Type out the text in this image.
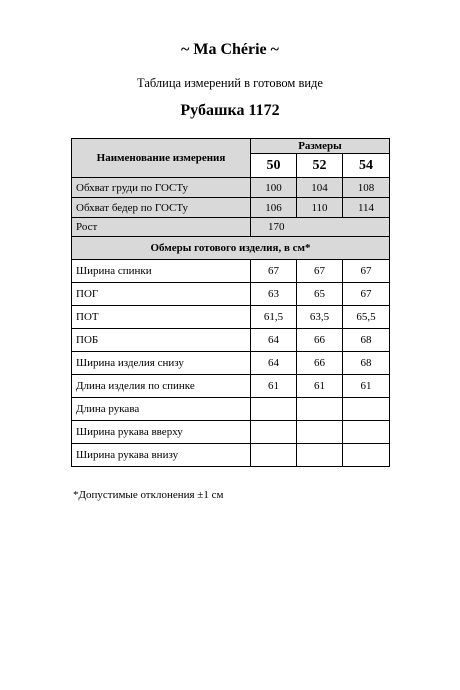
~ Ma Chérie ~
Таблица измерений в готовом виде
Рубашка 1172
Наименование измерения	Размеры		
	50	52	54
Обхват груди по ГОСТу	100	104	108
Обхват бедер по ГОСТу	106	110	114
Рост	170		
Обмеры готового изделия, в см*			
Ширина спинки	67	67	67
ПОГ	63	65	67
ПОТ	61,5	63,5	65,5
ПОБ	64	66	68
Ширина изделия снизу	64	66	68
Длина изделия по спинке	61	61	61
Длина рукава			
Ширина рукава вверху			
Ширина рукава внизу			
*Допустимые отклонения ±1 см
